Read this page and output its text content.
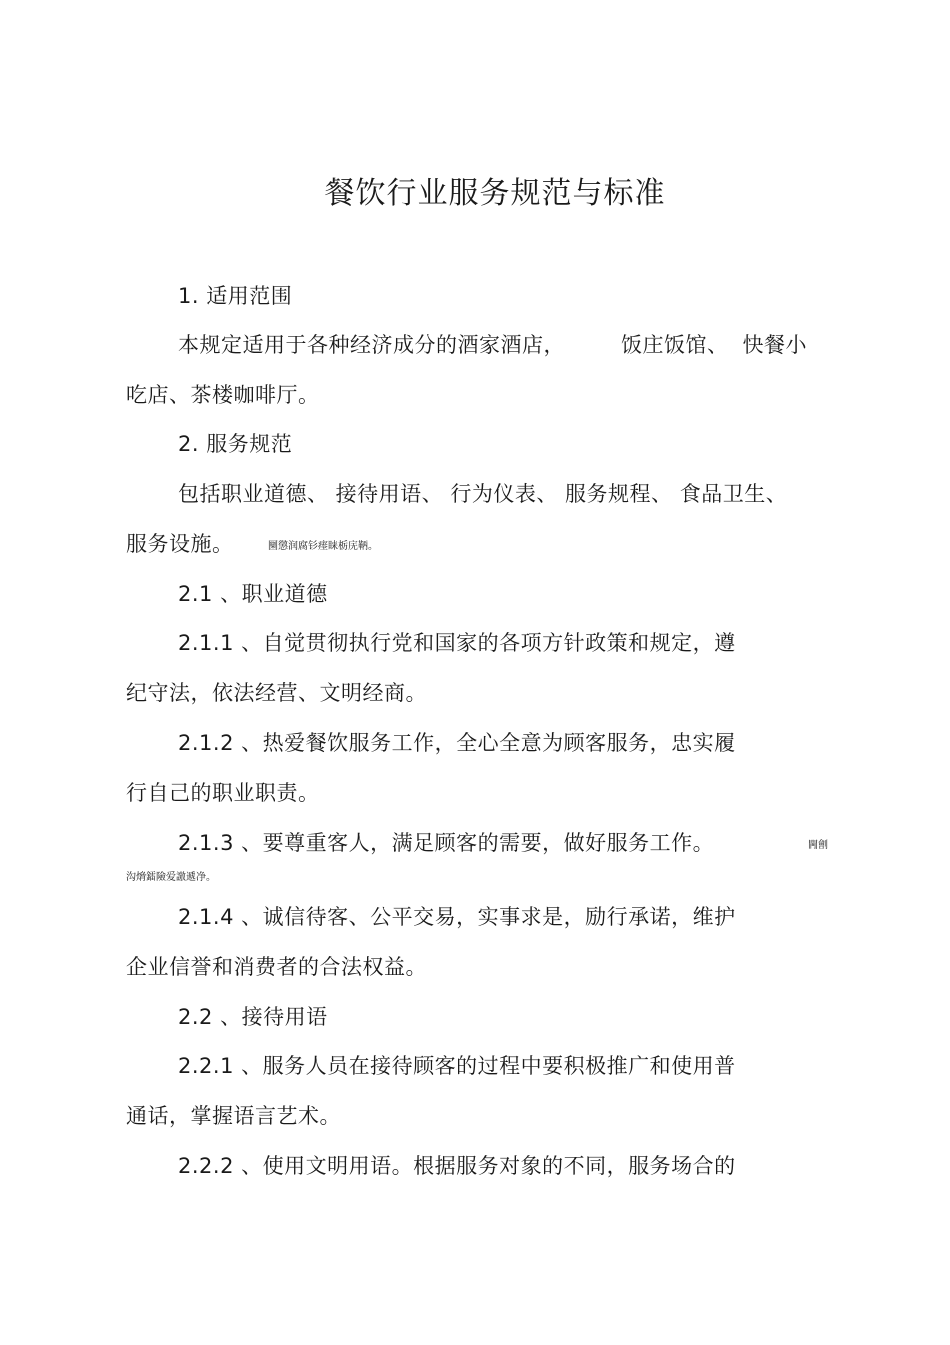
餐饮行业服务规范与标准
1. 适用范围
本规定适用于各种经济成分的酒家酒店，	饭庄饭馆、 快餐小
吃店、茶楼咖啡厅。
2. 服务规范
包括职业道德、 接待用语、 行为仪表、 服务规程、 食品卫生、
服务设施。	圞懲润腐钐瘗睐栃庑鞆。
2.1 、职业道德
2.1.1 、自觉贯彻执行党和国家的各项方针政策和规定，遵
纪守法，依法经营、文明经商。
2.1.2 、热爱餐饮服务工作，全心全意为顾客服务，忠实履
行自己的职业职责。
2.1.3 、要尊重客人，满足顾客的需要，做好服务工作。	闁劊
沟熁鐳險爱譤遞净。
2.1.4 、诚信待客、公平交易，实事求是，励行承诺，维护
企业信誉和消费者的合法权益。
2.2 、接待用语
2.2.1 、服务人员在接待顾客的过程中要积极推广和使用普
通话，掌握语言艺术。
2.2.2 、使用文明用语。根据服务对象的不同，服务场合的
